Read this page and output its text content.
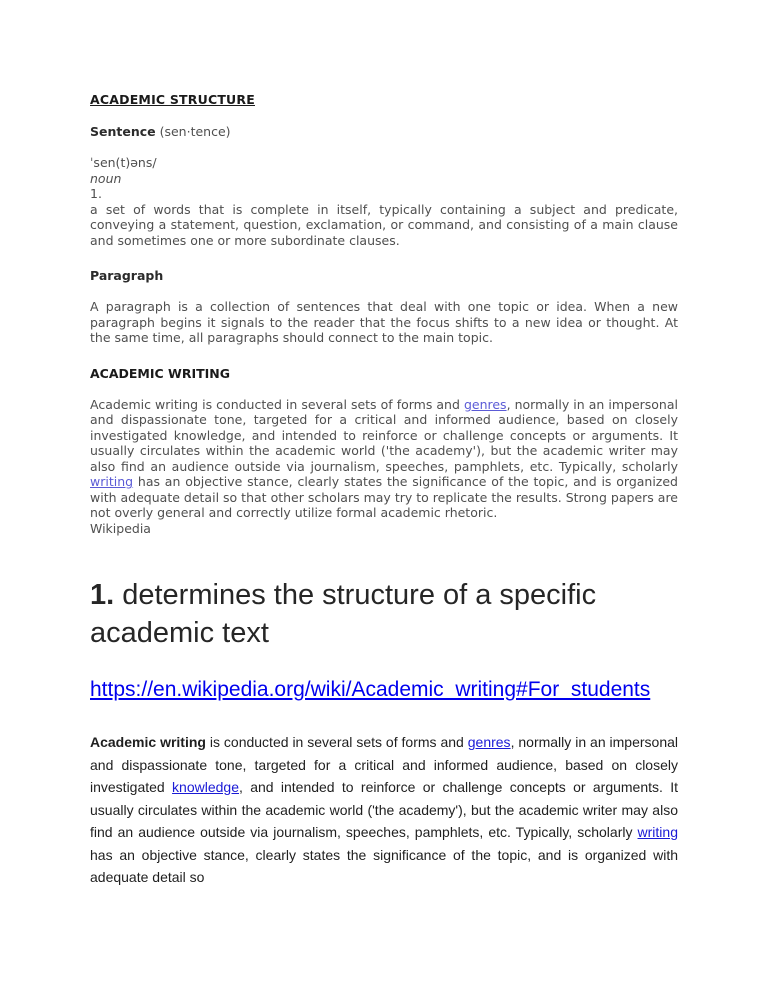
ACADEMIC STRUCTURE

Sentence (sen·tence)

ˈsen(t)əns/
noun
1.
a set of words that is complete in itself, typically containing a subject and predicate, conveying a statement, question, exclamation, or command, and consisting of a main clause and sometimes one or more subordinate clauses.

Paragraph

A paragraph is a collection of sentences that deal with one topic or idea. When a new paragraph begins it signals to the reader that the focus shifts to a new idea or thought. At the same time, all paragraphs should connect to the main topic.

ACADEMIC WRITING

Academic writing is conducted in several sets of forms and genres, normally in an impersonal and dispassionate tone, targeted for a critical and informed audience, based on closely investigated knowledge, and intended to reinforce or challenge concepts or arguments. It usually circulates within the academic world ('the academy'), but the academic writer may also find an audience outside via journalism, speeches, pamphlets, etc. Typically, scholarly writing has an objective stance, clearly states the significance of the topic, and is organized with adequate detail so that other scholars may try to replicate the results. Strong papers are not overly general and correctly utilize formal academic rhetoric.

Wikipedia

1. determines the structure of a specific academic text
https://en.wikipedia.org/wiki/Academic_writing#For_students

Academic writing is conducted in several sets of forms and genres, normally in an impersonal and dispassionate tone, targeted for a critical and informed audience, based on closely investigated knowledge, and intended to reinforce or challenge concepts or arguments. It usually circulates within the academic world ('the academy'), but the academic writer may also find an audience outside via journalism, speeches, pamphlets, etc. Typically, scholarly writing has an objective stance, clearly states the significance of the topic, and is organized with adequate detail so
